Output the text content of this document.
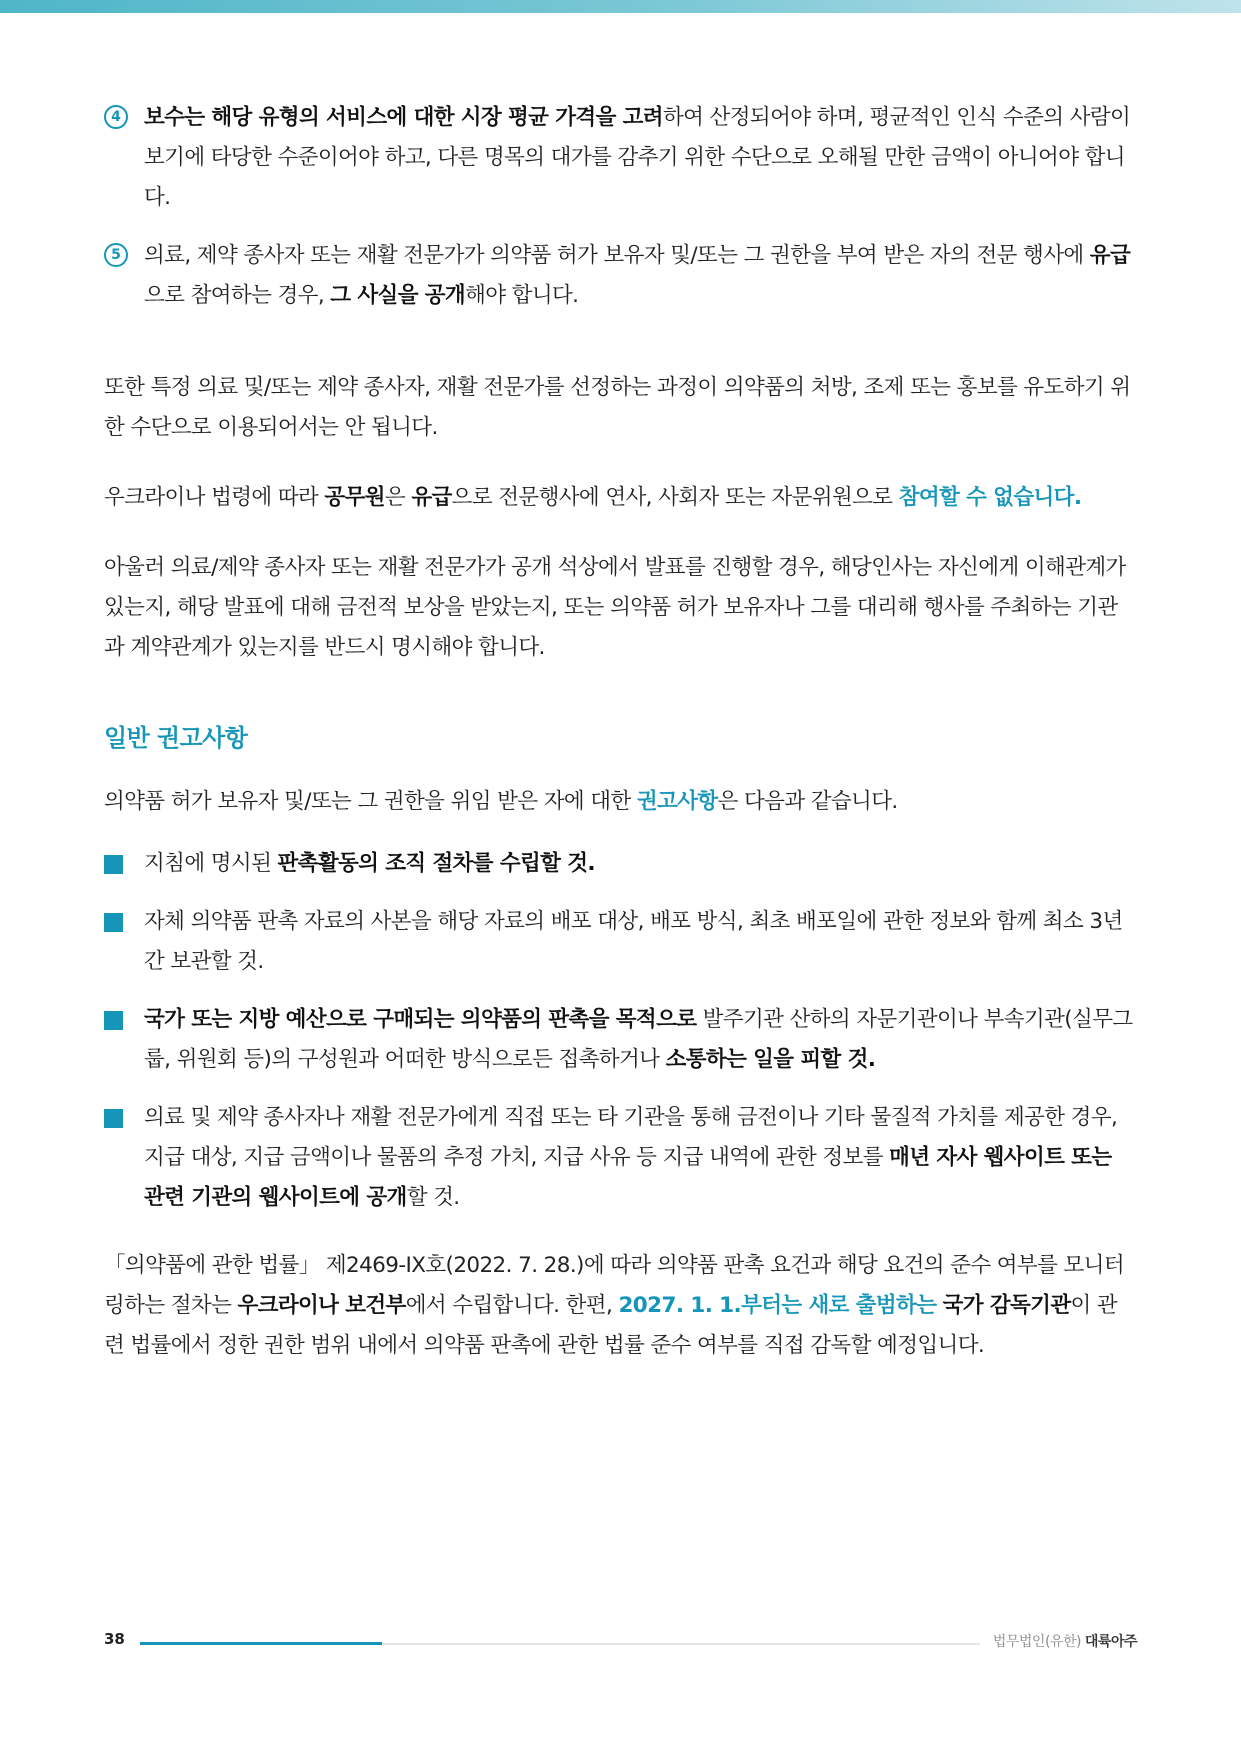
4	보수는 해당 유형의 서비스에 대한 시장 평균 가격을 고려하여 산정되어야 하며, 평균적인 인식 수준의 사람이 보기에 타당한 수준이어야 하고, 다른 명목의 대가를 감추기 위한 수단으로 오해될 만한 금액이 아니어야 합니다.

5	의료, 제약 종사자 또는 재활 전문가가 의약품 허가 보유자 및/또는 그 권한을 부여 받은 자의 전문 행사에 유급으로 참여하는 경우, 그 사실을 공개해야 합니다.

또한 특정 의료 및/또는 제약 종사자, 재활 전문가를 선정하는 과정이 의약품의 처방, 조제 또는 홍보를 유도하기 위한 수단으로 이용되어서는 안 됩니다.

우크라이나 법령에 따라 공무원은 유급으로 전문행사에 연사, 사회자 또는 자문위원으로 참여할 수 없습니다.

아울러 의료/제약 종사자 또는 재활 전문가가 공개 석상에서 발표를 진행할 경우, 해당인사는 자신에게 이해관계가 있는지, 해당 발표에 대해 금전적 보상을 받았는지, 또는 의약품 허가 보유자나 그를 대리해 행사를 주최하는 기관과 계약관계가 있는지를 반드시 명시해야 합니다.

일반 권고사항

의약품 허가 보유자 및/또는 그 권한을 위임 받은 자에 대한 권고사항은 다음과 같습니다.

지침에 명시된 판촉활동의 조직 절차를 수립할 것.

자체 의약품 판촉 자료의 사본을 해당 자료의 배포 대상, 배포 방식, 최초 배포일에 관한 정보와 함께 최소 3년간 보관할 것.

국가 또는 지방 예산으로 구매되는 의약품의 판촉을 목적으로 발주기관 산하의 자문기관이나 부속기관(실무그룹, 위원회 등)의 구성원과 어떠한 방식으로든 접촉하거나 소통하는 일을 피할 것.

의료 및 제약 종사자나 재활 전문가에게 직접 또는 타 기관을 통해 금전이나 기타 물질적 가치를 제공한 경우, 지급 대상, 지급 금액이나 물품의 추정 가치, 지급 사유 등 지급 내역에 관한 정보를 매년 자사 웹사이트 또는 관련 기관의 웹사이트에 공개할 것.

「의약품에 관한 법률」 제2469-IX호(2022. 7. 28.)에 따라 의약품 판촉 요건과 해당 요건의 준수 여부를 모니터링하는 절차는 우크라이나 보건부에서 수립합니다. 한편, 2027. 1. 1.부터는 새로 출범하는 국가 감독기관이 관련 법률에서 정한 권한 범위 내에서 의약품 판촉에 관한 법률 준수 여부를 직접 감독할 예정입니다.

38	법무법인(유한) 대륙아주
